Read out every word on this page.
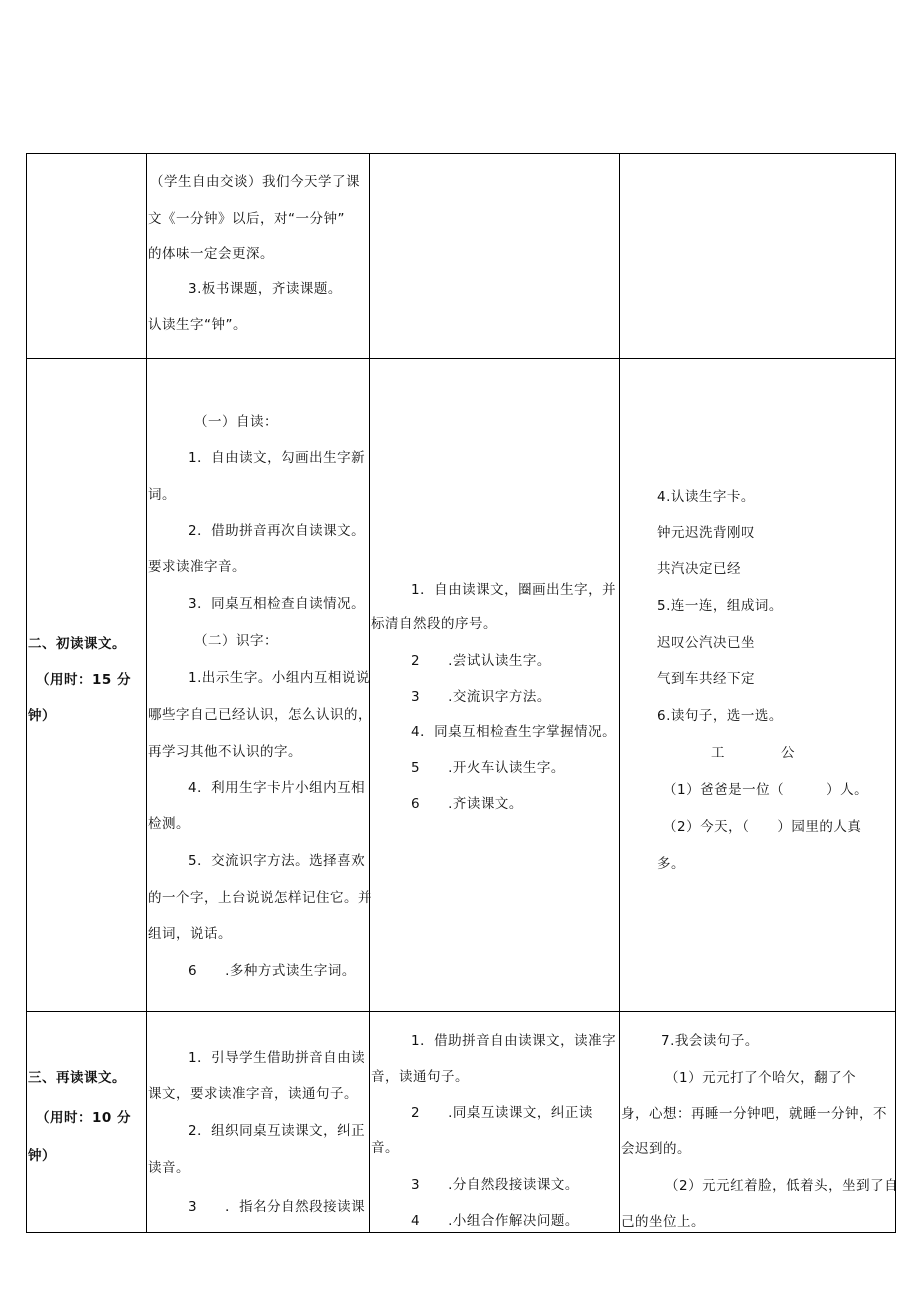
（学生自由交谈）我们今天学了课

文《一分钟》以后，对“一分钟”

的体味一定会更深。

3.板书课题，齐读课题。

认读生字“钟”。

二、初读课文。

（用时：15 分

钟）

（一）自读：

1．自由读文，勾画出生字新

词。

2．借助拼音再次自读课文。

要求读准字音。

3．同桌互相检查自读情况。

（二）识字：

1.出示生字。小组内互相说说

哪些字自己已经认识，怎么认识的，

再学习其他不认识的字。

4．利用生字卡片小组内互相

检测。

5．交流识字方法。选择喜欢

的一个字，上台说说怎样记住它。并

组词，说话。

6　　.多种方式读生字词。

1．自由读课文，圈画出生字，并

标清自然段的序号。

2　　.尝试认读生字。

3　　.交流识字方法。

4．同桌互相检查生字掌握情况。

5　　.开火车认读生字。

6　　.齐读课文。

4.认读生字卡。

钟元迟洗背刚叹

共汽决定已经

5.连一连，组成词。

迟叹公汽决已坐

气到车共经下定

6.读句子，选一选。

工　　　　公

（1）爸爸是一位（　　　）人。

（2）今天，（　　）园里的人真

多。

三、再读课文。

（用时：10 分

钟）

1．引导学生借助拼音自由读

课文，要求读准字音，读通句子。

2．组织同桌互读课文，纠正

读音。

3　　．指名分自然段接读课

1．借助拼音自由读课文，读准字

音，读通句子。

2　　.同桌互读课文，纠正读

音。

3　　.分自然段接读课文。

4　　.小组合作解决问题。

7.我会读句子。

（1）元元打了个哈欠，翻了个

身，心想：再睡一分钟吧，就睡一分钟，不

会迟到的。

（2）元元红着脸，低着头，坐到了自

己的坐位上。
